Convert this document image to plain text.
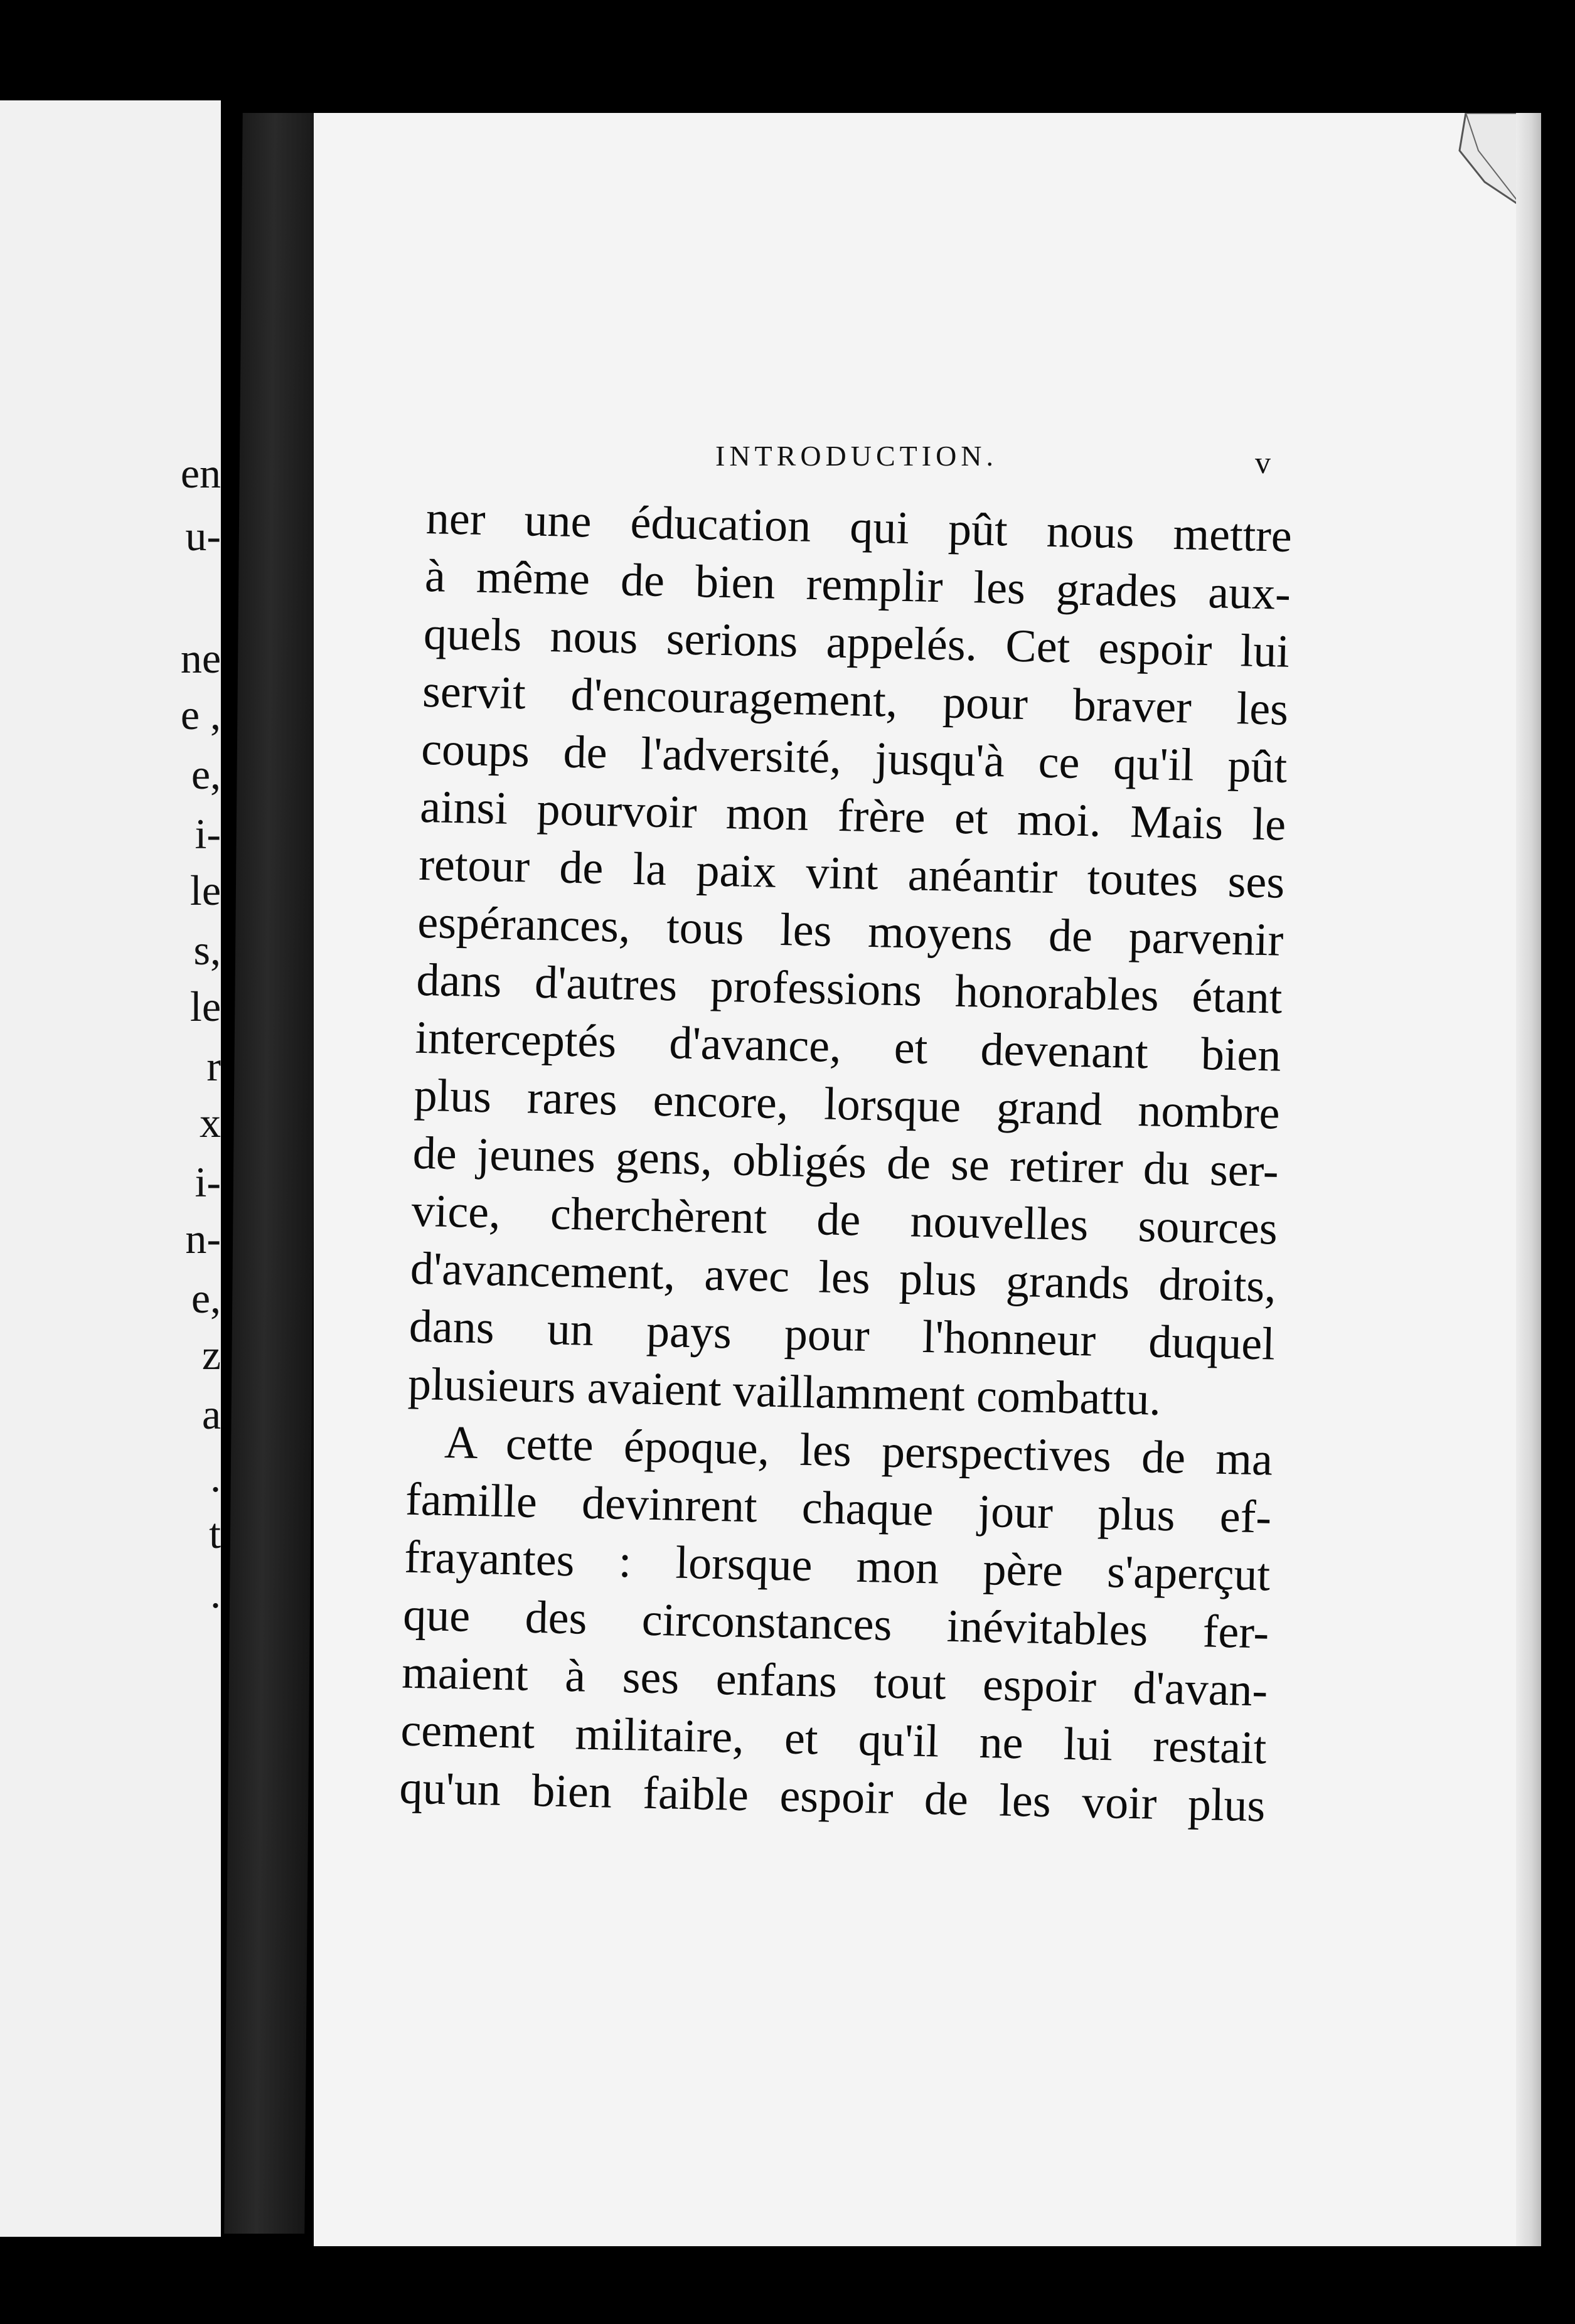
en
u-
ne
e ,
e,
i-
le
s,
le
r
x
i-
n-
e,
z
a
.
t
.
INTRODUCTION.	v
ner une éducation qui pût nous mettre
à même de bien remplir les grades aux-
quels nous serions appelés. Cet espoir lui
servit d'encouragement, pour braver les
coups de l'adversité, jusqu'à ce qu'il pût
ainsi pourvoir mon frère et moi. Mais le
retour de la paix vint anéantir toutes ses
espérances, tous les moyens de parvenir
dans d'autres professions honorables étant
interceptés d'avance, et devenant bien
plus rares encore, lorsque grand nombre
de jeunes gens, obligés de se retirer du ser-
vice, cherchèrent de nouvelles sources
d'avancement, avec les plus grands droits,
dans un pays pour l'honneur duquel
plusieurs avaient vaillamment combattu.
A cette époque, les perspectives de ma
famille devinrent chaque jour plus ef-
frayantes : lorsque mon père s'aperçut
que des circonstances inévitables fer-
maient à ses enfans tout espoir d'avan-
cement militaire, et qu'il ne lui restait
qu'un bien faible espoir de les voir plus
